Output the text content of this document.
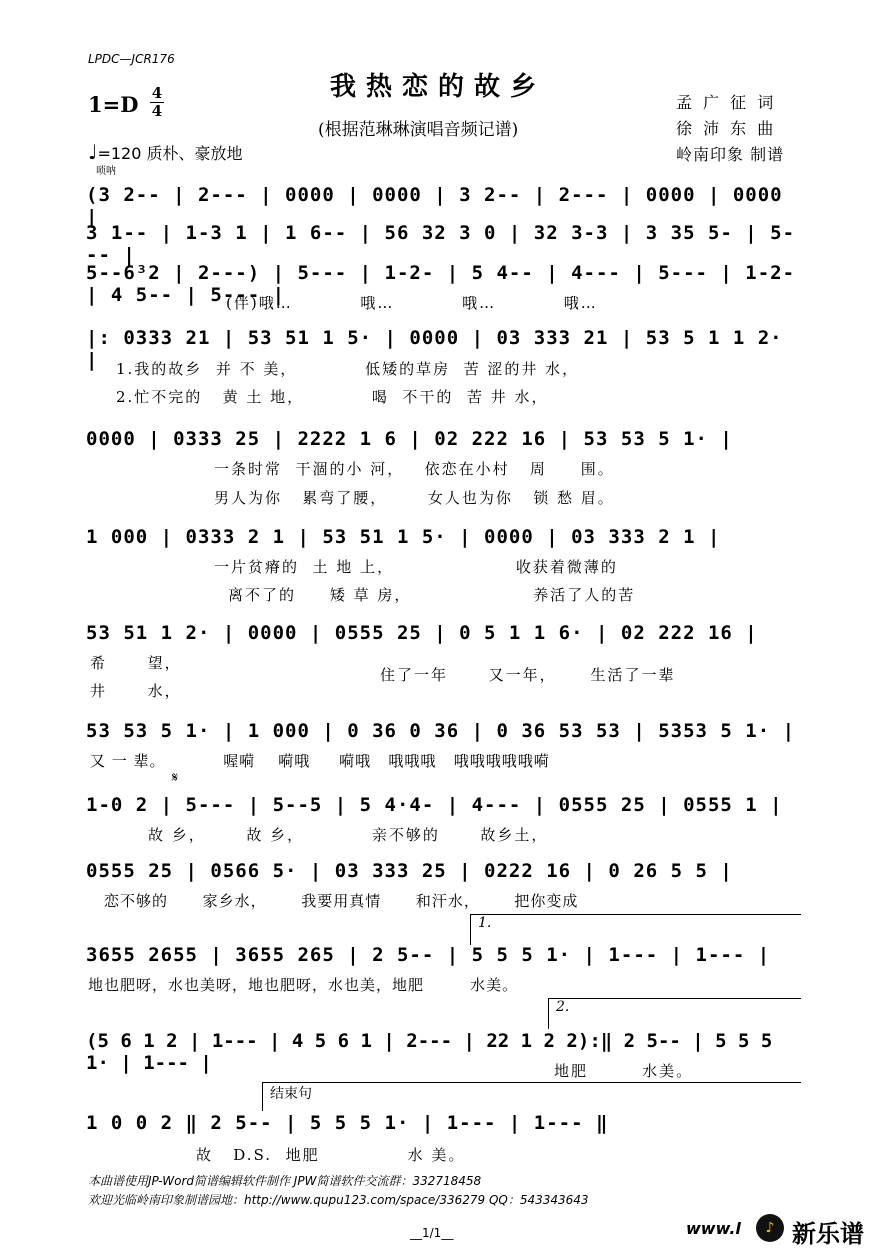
LPDC—JCR176
我热恋的故乡
(根据范琳琳演唱音频记谱)
孟 广 征 词
徐 沛 东 曲
岭南印象 制谱
1=D 4
4
♩=120 质朴、豪放地
唢呐
(3 2-- | 2--- | 0000 | 0000 | 3 2-- | 2--- | 0000 | 0000 |
3 1-- | 1-3 1 | 1 6-- | 56 32 3 0 | 32 3-3 | 3 35 5- | 5--- |
5--6³2 | 2---) | 5--- | 1-2- | 5 4-- | 4--- | 5--- | 1-2- | 4 5-- | 5--- |
(伴)哦…          哦…          哦…          哦…
|: 0333 21 | 53 51 1 5· | 0000 | 03 333 21 | 53 5 1 1 2· |	1.我的故乡  并 不 美，          低矮的草房  苦 涩的井 水，
2.忙不完的   黄 土 地，          喝  不干的  苦 井 水，
0000 | 0333 25 | 2222 1 6 | 02 222 16 | 53 53 5 1· |
一条时常  干涸的小 河，   依恋在小村   周     围。
男人为你   累弯了腰，      女人也为你   锁 愁 眉。
1 000 | 0333 2 1 | 53 51 1 5· | 0000 | 03 333 2 1 |
一片贫瘠的  土 地 上，                  收获着微薄的
离不了的     矮 草 房，                  养活了人的苦
53 51 1 2· | 0000 | 0555 25 | 0 5 1 1 6· | 02 222 16 |
希      望，
井      水，
住了一年      又一年，     生活了一辈
53 53 5 1· | 1 000 | 0 36 0 36 | 0 36 53 53 | 5353 5 1· |
又 一 辈。          喔嗬    嗬哦     嗬哦   哦哦哦   哦哦哦哦哦嗬
𝄋
1-0 2 | 5--- | 5--5 | 5 4·4- | 4--- | 0555 25 | 0555 1 |
故 乡，      故 乡，          亲不够的      故乡土，
0555 25 | 0566 5· | 03 333 25 | 0222 16 | 0 26 5 5 |
恋不够的      家乡水，      我要用真情      和汗水，      把你变成
1.
3655 2655 | 3655 265 | 2 5-- | 5 5 5 1· | 1--- | 1--- |
地也肥呀，水也美呀，地也肥呀，水也美，地肥        水美。
2.
(5 6 1 2 | 1--- | 4 5 6 1 | 2--- | 22 1 2 2):‖ 2 5-- | 5 5 5 1· | 1--- |	地肥        水美。
结束句
1 0 0 2 ‖ 2 5-- | 5 5 5 1· | 1--- | 1--- ‖
故   D.S.  地肥             水 美。
本曲谱使用JP-Word简谱编辑软件制作 JPW简谱软件交流群：332718458
欢迎光临岭南印象制谱园地：http://www.qupu123.com/space/336279 QQ：543343643
__1/1__	www.l	♪ 新乐谱
